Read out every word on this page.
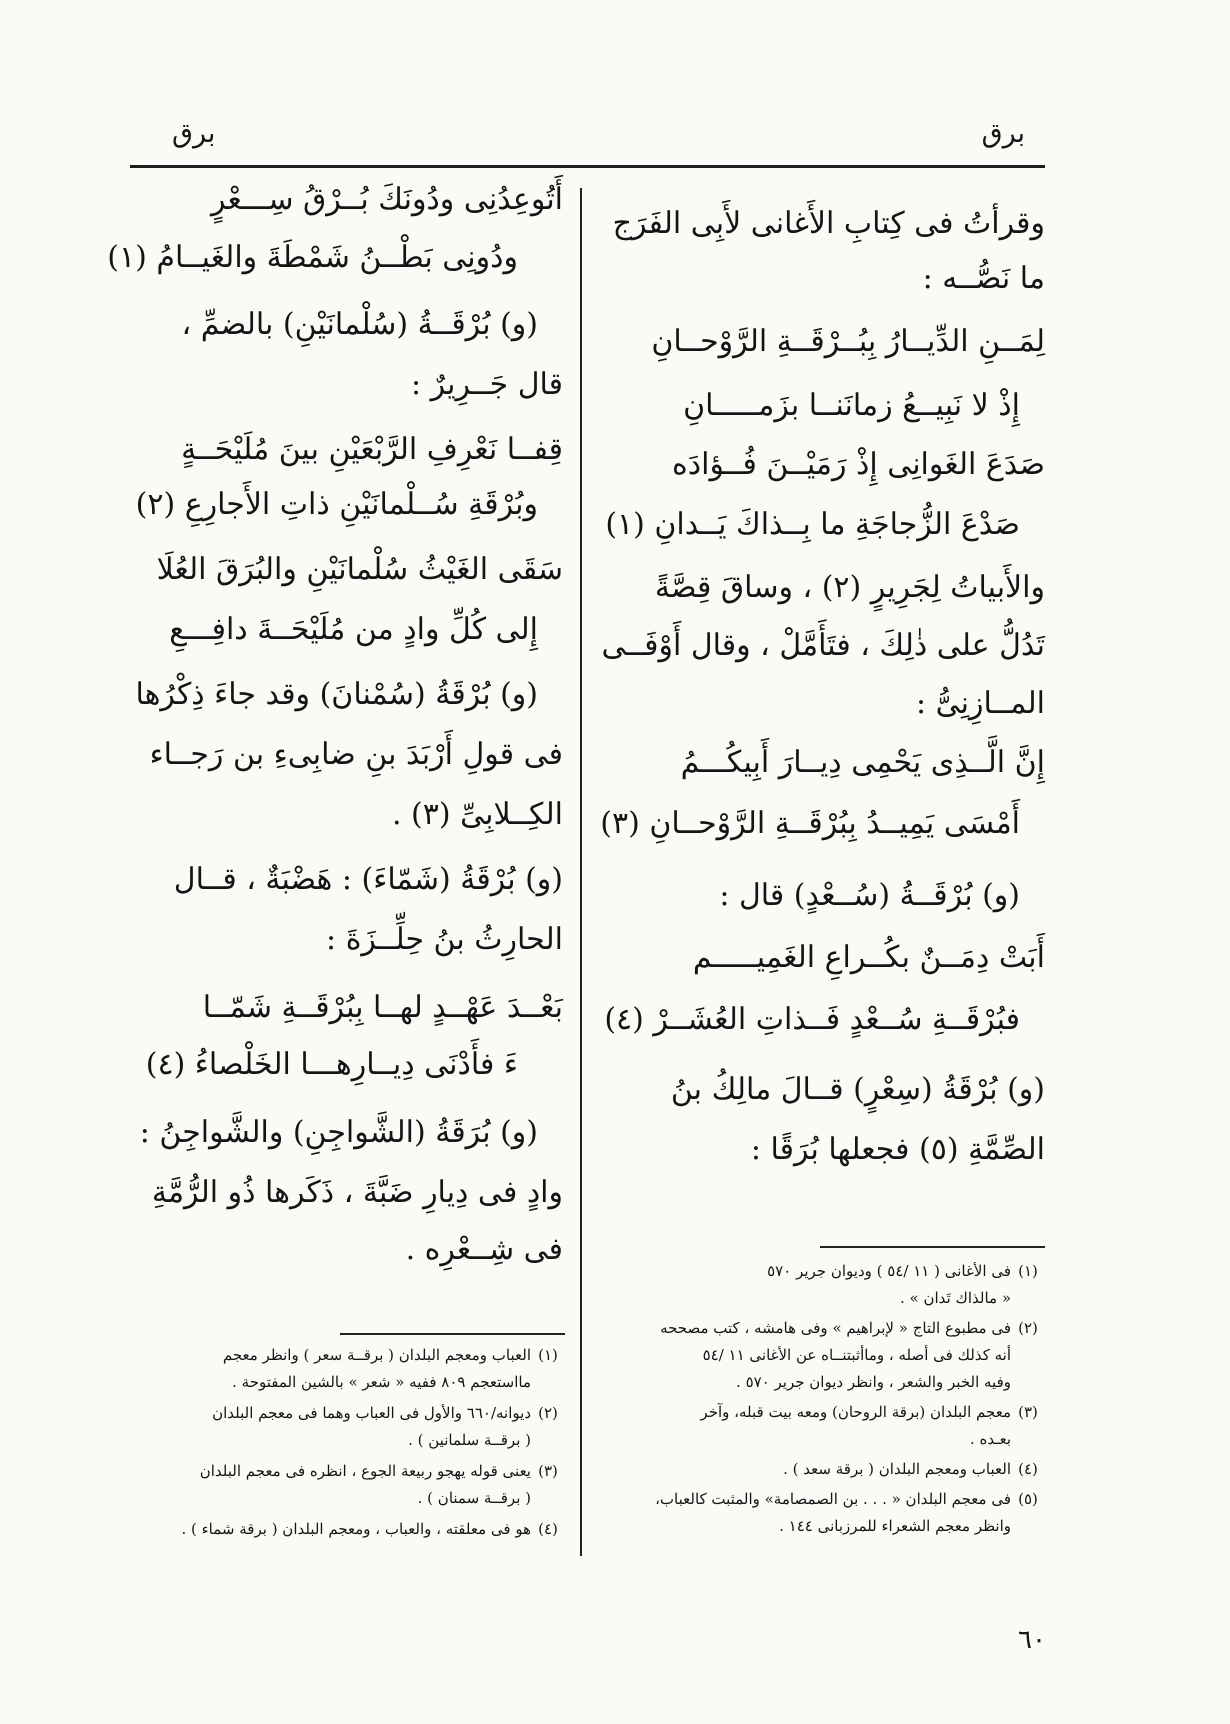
برق
برق
وقرأتُ فى كِتابِ الأَغانى لأَبِى الفَرَج
ما نَصُّــه :
لِمَــنِ الدِّيــارُ بِبُــرْقَــةِ الرَّوْحــانِ
إِذْ لا نَبِيــعُ زمانَنــا بزَمـــــانِ
صَدَعَ الغَوانِى إِذْ رَمَيْــنَ فُــؤادَه
صَدْعَ الزُّجاجَةِ ما بِــذاكَ يَــدانِ (١)
والأَبياتُ لِجَرِيرٍ (٢) ، وساقَ قِصَّةً
تَدُلُّ على ذٰلِكَ ، فتَأَمَّلْ ، وقال أَوْفَــى
المــازِنِىُّ :
إِنَّ الَّــذِى يَحْمِى دِيــارَ أَبِيكُـــمُ
أَمْسَى يَمِيــدُ بِبُرْقَــةِ الرَّوْحــانِ (٣)
(و) بُرْقَــةُ (سُــعْدٍ) قال :
أَبَتْ دِمَــنٌ بكُــراعِ الغَمِيـــــم
فبُرْقَــةِ سُــعْدٍ فَــذاتِ العُشَــرْ (٤)
(و) بُرْقَةُ (سِعْرٍ) قــالَ مالِكُ بنُ
الصِّمَّةِ (٥) فجعلها بُرَقًا :
أَتُوعِدُنِى ودُونَكَ بُــرْقُ سِـــعْرٍ
ودُونِى بَطْــنُ شَمْطَةَ والغَيــامُ (١)
(و) بُرْقَــةُ (سُلْمانَيْنِ) بالضمِّ ،
قال جَــرِيرٌ :
قِفــا نَعْرِفِ الرَّبْعَيْنِ بينَ مُلَيْحَــةٍ
وبُرْقَةِ سُــلْمانَيْنِ ذاتِ الأَجارِعِ (٢)
سَقَى الغَيْثُ سُلْمانَيْنِ والبُرَقَ العُلَا
إِلى كُلِّ وادٍ من مُلَيْحَــةَ دافِـــعِ
(و) بُرْقَةُ (سُمْنانَ) وقد جاءَ ذِكْرُها
فى قولِ أَرْبَدَ بنِ ضابِىءِ بن رَجــاء
الكِــلابِىِّ (٣) .
(و) بُرْقَةُ (شَمّاءَ) : هَضْبَةٌ ، قــال
الحارِثُ بنُ حِلِّــزَةَ :
بَعْــدَ عَهْــدٍ لهــا بِبُرْقَــةِ شَمّــا
ءَ فأَدْنَى دِيــارِهـــا الخَلْصاءُ (٤)
(و) بُرَقَةُ (الشَّواجِنِ) والشَّواجِنُ :
وادٍ فى دِيارِ ضَبَّةَ ، ذَكَرها ذُو الرُّمَّةِ
فى شِــعْرِه .
(١)فى الأغانى ( ١١ /٥٤ ) وديوان جرير ٥٧٠
« مالذاك تَدان » .
(٢)فى مطبوع التاج « لإبراهيم » وفى هامشه ، كتب مصححه
أنه كذلك فى أصله ، وماأثبتنــاه عن الأغانى ١١ /٥٤
وفيه الخبر والشعر ، وانظر ديوان جرير ٥٧٠ .
(٣)معجم البلدان (برقة الروحان) ومعه بيت قبله، وآخر
بعـده .
(٤)العباب ومعجم البلدان ( برقة سعد ) .
(٥)فى معجم البلدان « . . . بن الصمصامة» والمثبت كالعباب،
وانظر معجم الشعراء للمرزبانى ١٤٤ .
(١)العباب ومعجم البلدان ( برقــة سعر ) وانظر معجم
مااستعجم ٨٠٩ ففيه « شعر » بالشين المفتوحة .
(٢)ديوانه/٦٦٠ والأول فى العباب وهما فى معجم البلدان
( برقــة سلمانين ) .
(٣)يعنى قوله يهجو ربيعة الجوع ، انظره فى معجم البلدان
( برقــة سمنان ) .
(٤)هو فى معلقته ، والعباب ، ومعجم البلدان ( برقة شماء ) .
٦٠
